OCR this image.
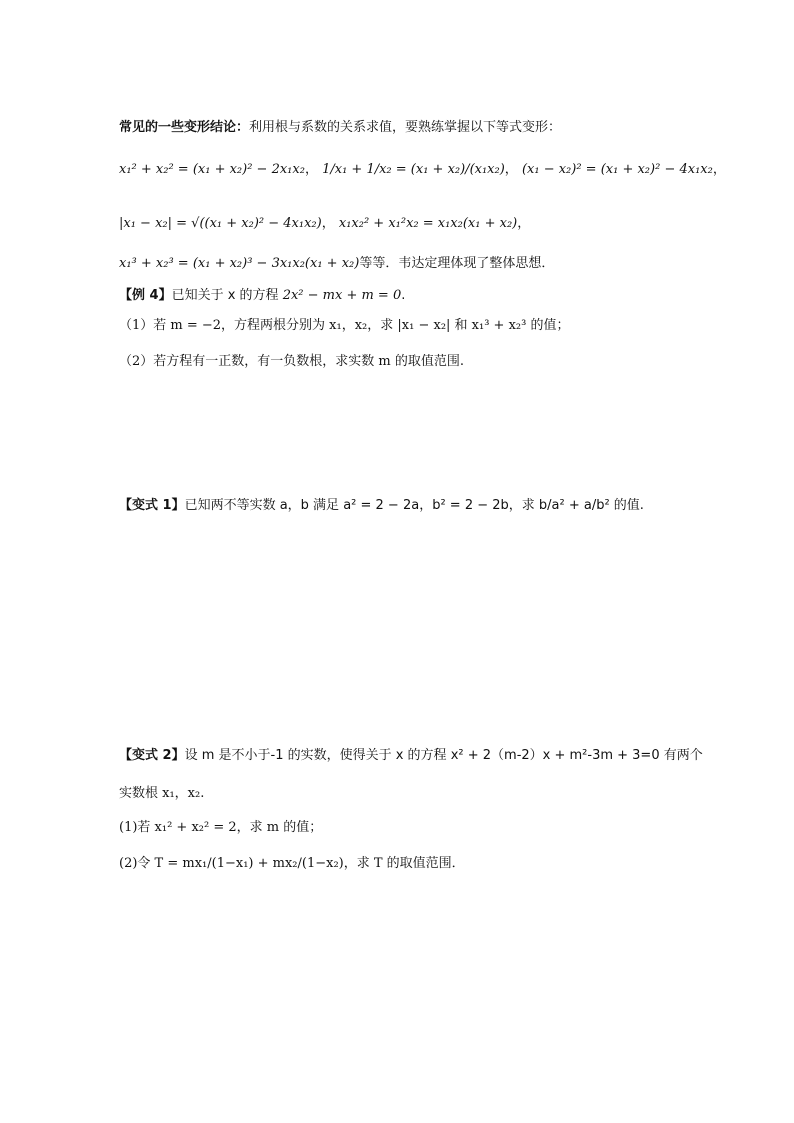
常见的一些变形结论：利用根与系数的关系求值，要熟练掌握以下等式变形：
x₁² + x₂² = (x₁ + x₂)² − 2x₁x₂， 1/x₁ + 1/x₂ = (x₁ + x₂)/(x₁x₂)， (x₁ − x₂)² = (x₁ + x₂)² − 4x₁x₂，
|x₁ − x₂| = √((x₁ + x₂)² − 4x₁x₂)， x₁x₂² + x₁²x₂ = x₁x₂(x₁ + x₂)，
x₁³ + x₂³ = (x₁ + x₂)³ − 3x₁x₂(x₁ + x₂)等等．韦达定理体现了整体思想．
【例 4】已知关于 x 的方程 2x² − mx + m = 0.
（1）若 m = −2，方程两根分别为 x₁，x₂，求 |x₁ − x₂| 和 x₁³ + x₂³ 的值；
（2）若方程有一正数，有一负数根，求实数 m 的取值范围.
【变式 1】已知两不等实数 a，b 满足 a² = 2 − 2a，b² = 2 − 2b，求 b/a² + a/b² 的值.
【变式 2】设 m 是不小于-1 的实数，使得关于 x 的方程 x² + 2（m-2）x + m²-3m + 3=0 有两个
实数根 x₁，x₂.
(1)若 x₁² + x₂² = 2，求 m 的值；
(2)令 T = mx₁/(1−x₁) + mx₂/(1−x₂)，求 T 的取值范围．
